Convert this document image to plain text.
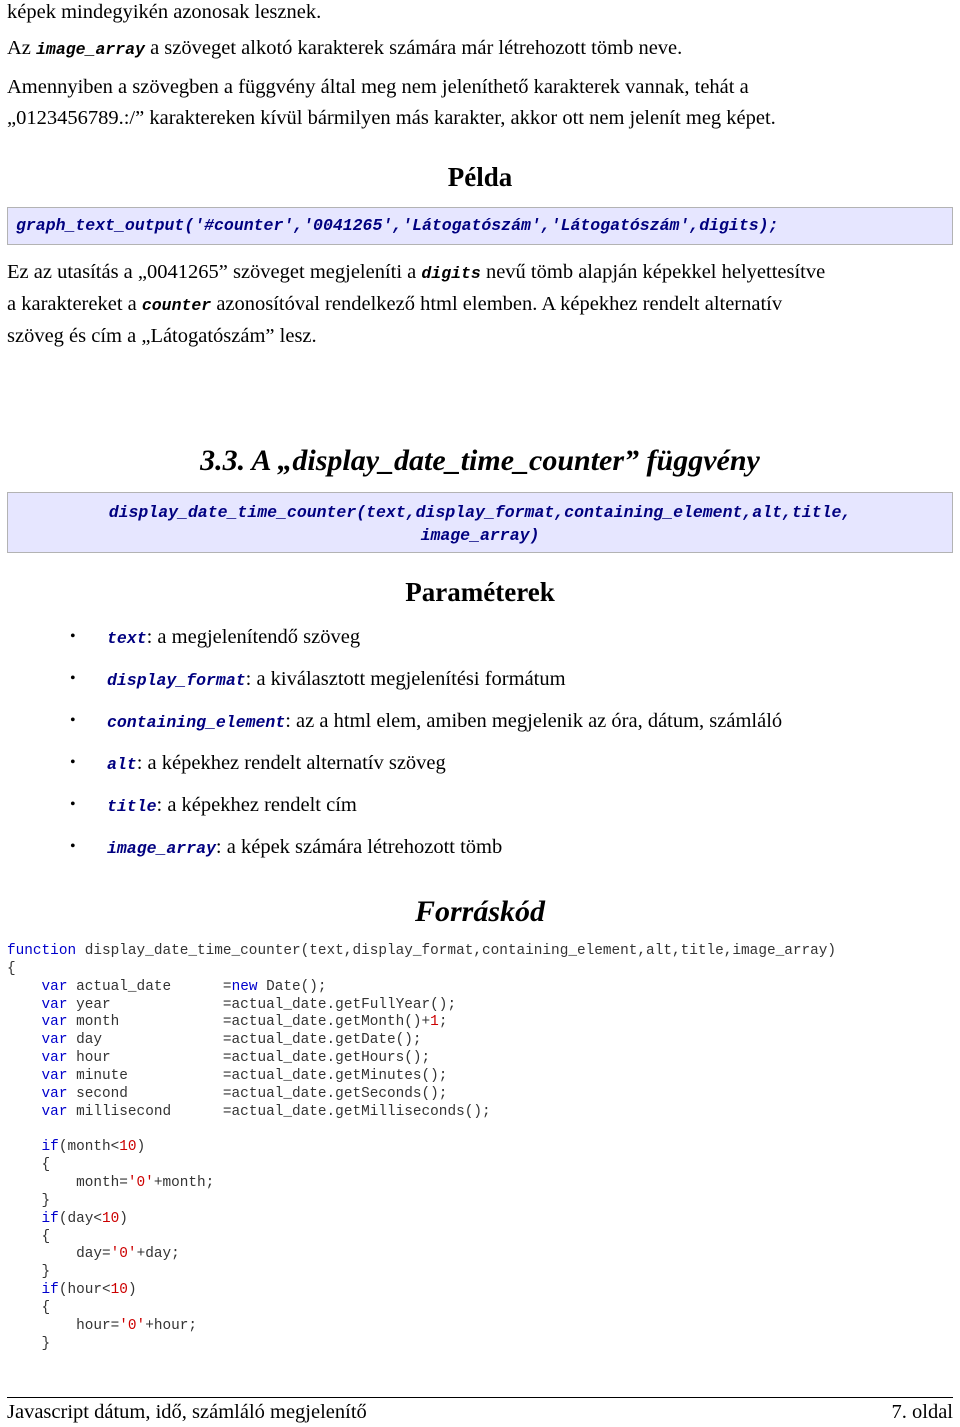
képek mindegyikén azonosak lesznek.
Az image_array a szöveget alkotó karakterek számára már létrehozott tömb neve.
Amennyiben a szövegben a függvény által meg nem jeleníthető karakterek vannak, tehát a
„0123456789.:/” karaktereken kívül bármilyen más karakter, akkor ott nem jelenít meg képet.
Példa
graph_text_output('#counter','0041265','Látogatószám','Látogatószám',digits);
Ez az utasítás a „0041265” szöveget megjeleníti a digits nevű tömb alapján képekkel helyettesítve
a karaktereket a counter azonosítóval rendelkező html elemben. A képekhez rendelt alternatív
szöveg és cím a „Látogatószám” lesz.
3.3. A „display_date_time_counter” függvény
display_date_time_counter(text,display_format,containing_element,alt,title,
image_array)
Paraméterek
• text: a megjelenítendő szöveg
• display_format: a kiválasztott megjelenítési formátum
• containing_element: az a html elem, amiben megjelenik az óra, dátum, számláló
• alt: a képekhez rendelt alternatív szöveg
• title: a képekhez rendelt cím
• image_array: a képek számára létrehozott tömb
Forráskód
function display_date_time_counter(text,display_format,containing_element,alt,title,image_array)
{
var actual_date      =new Date();
var year             =actual_date.getFullYear();
var month            =actual_date.getMonth()+1;
var day              =actual_date.getDate();
var hour             =actual_date.getHours();
var minute           =actual_date.getMinutes();
var second           =actual_date.getSeconds();
var millisecond      =actual_date.getMilliseconds();
if(month<10)
{
month='0'+month;
}
if(day<10)
{
day='0'+day;
}
if(hour<10)
{
hour='0'+hour;
}
Javascript dátum, idő, számláló megjelenítő	7. oldal
